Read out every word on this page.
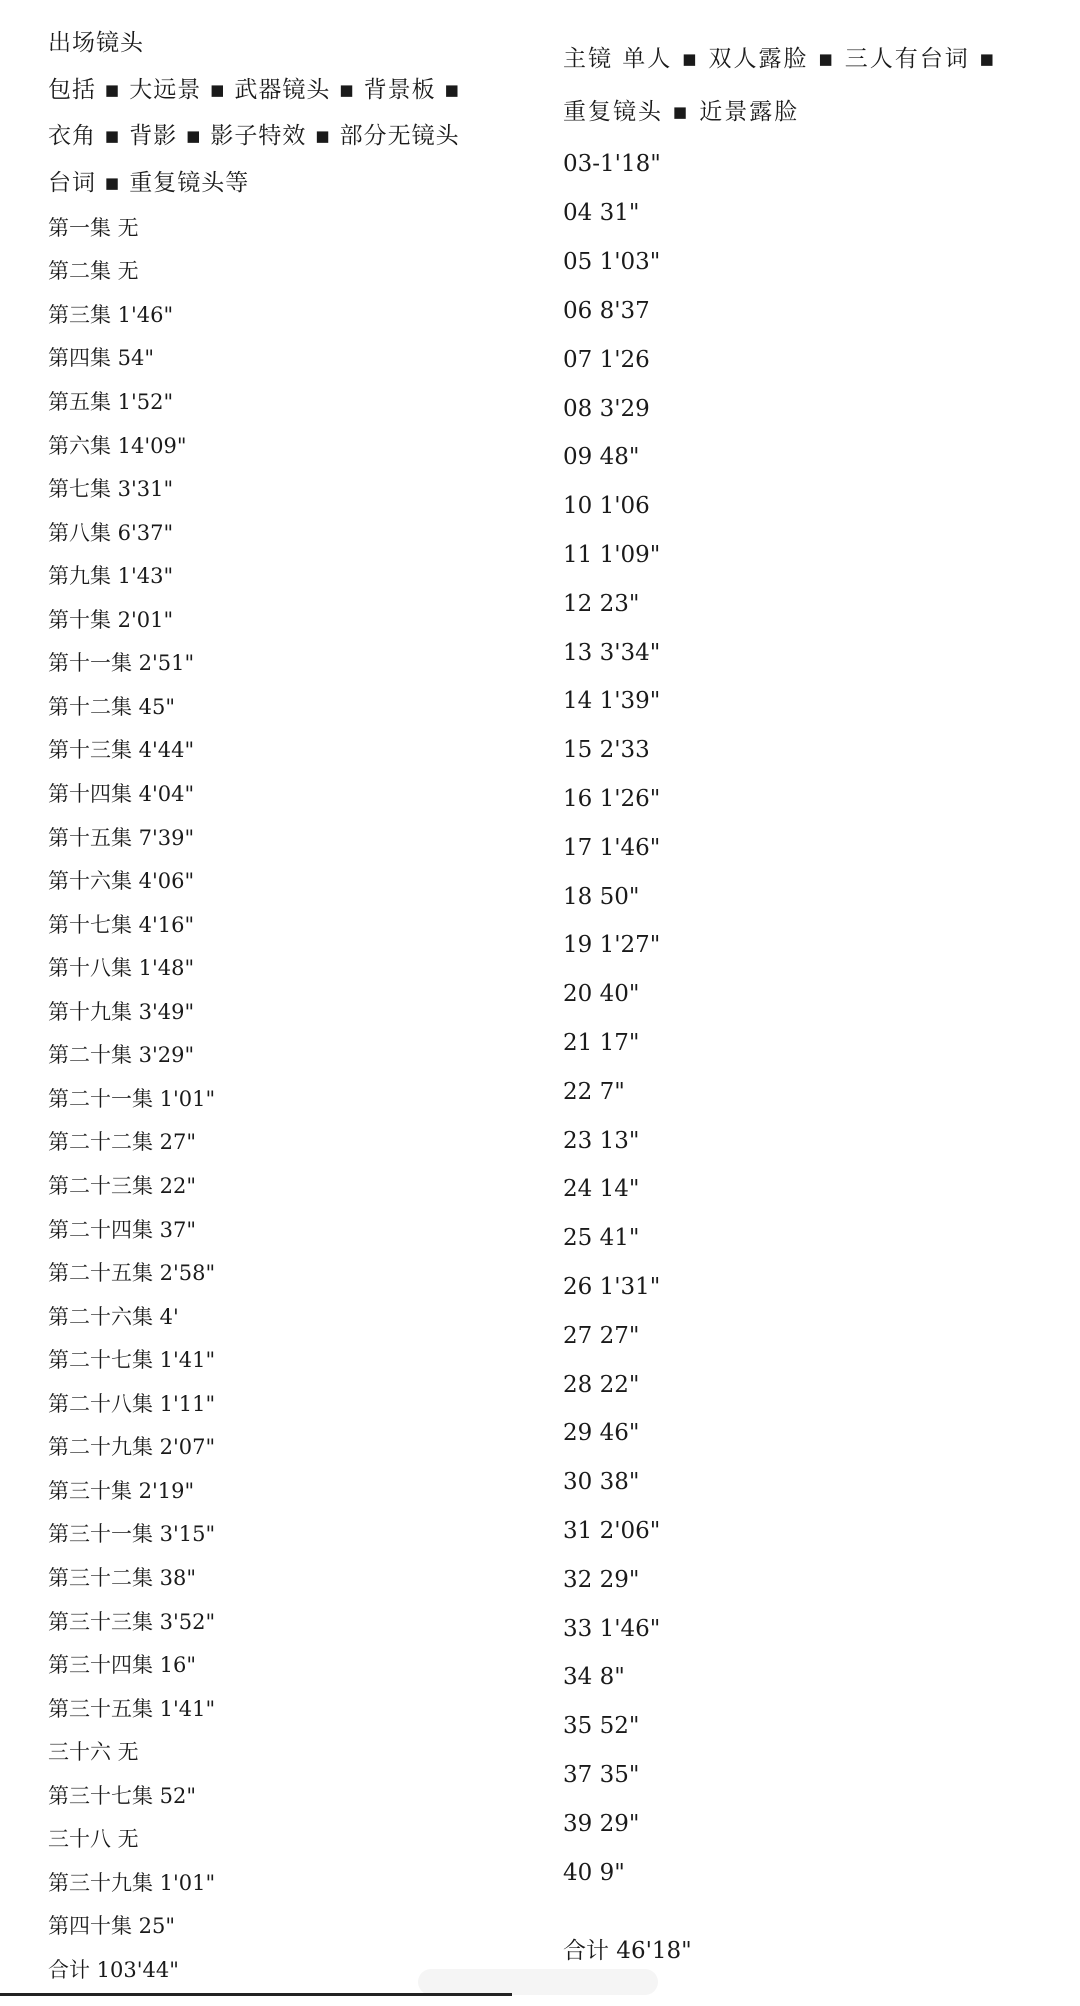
出场镜头
包括 ▪ 大远景 ▪ 武器镜头 ▪ 背景板 ▪
衣角 ▪ 背影 ▪ 影子特效 ▪ 部分无镜头
台词 ▪ 重复镜头等
第一集 无
第二集 无
第三集 1'46"
第四集 54"
第五集 1'52"
第六集 14'09"
第七集 3'31"
第八集 6'37"
第九集 1'43"
第十集 2'01"
第十一集 2'51"
第十二集 45"
第十三集 4'44"
第十四集 4'04"
第十五集 7'39"
第十六集 4'06"
第十七集 4'16"
第十八集 1'48"
第十九集 3'49"
第二十集 3'29"
第二十一集 1'01"
第二十二集 27"
第二十三集 22"
第二十四集 37"
第二十五集 2'58"
第二十六集 4'
第二十七集 1'41"
第二十八集 1'11"
第二十九集 2'07"
第三十集 2'19"
第三十一集 3'15"
第三十二集 38"
第三十三集 3'52"
第三十四集 16"
第三十五集 1'41"
三十六 无
第三十七集 52"
三十八 无
第三十九集 1'01"
第四十集 25"
合计 103'44"
主镜 单人 ▪ 双人露脸 ▪ 三人有台词 ▪
重复镜头 ▪ 近景露脸
03-1'18"
04 31"
05 1'03"
06 8'37
07 1'26
08 3'29
09 48"
10 1'06
11 1'09"
12 23"
13 3'34"
14 1'39"
15 2'33
16 1'26"
17 1'46"
18 50"
19 1'27"
20 40"
21 17"
22 7"
23 13"
24 14"
25 41"
26 1'31"
27 27"
28 22"
29 46"
30 38"
31 2'06"
32 29"
33 1'46"
34 8"
35 52"
37 35"
39 29"
40 9"
合计 46'18"
